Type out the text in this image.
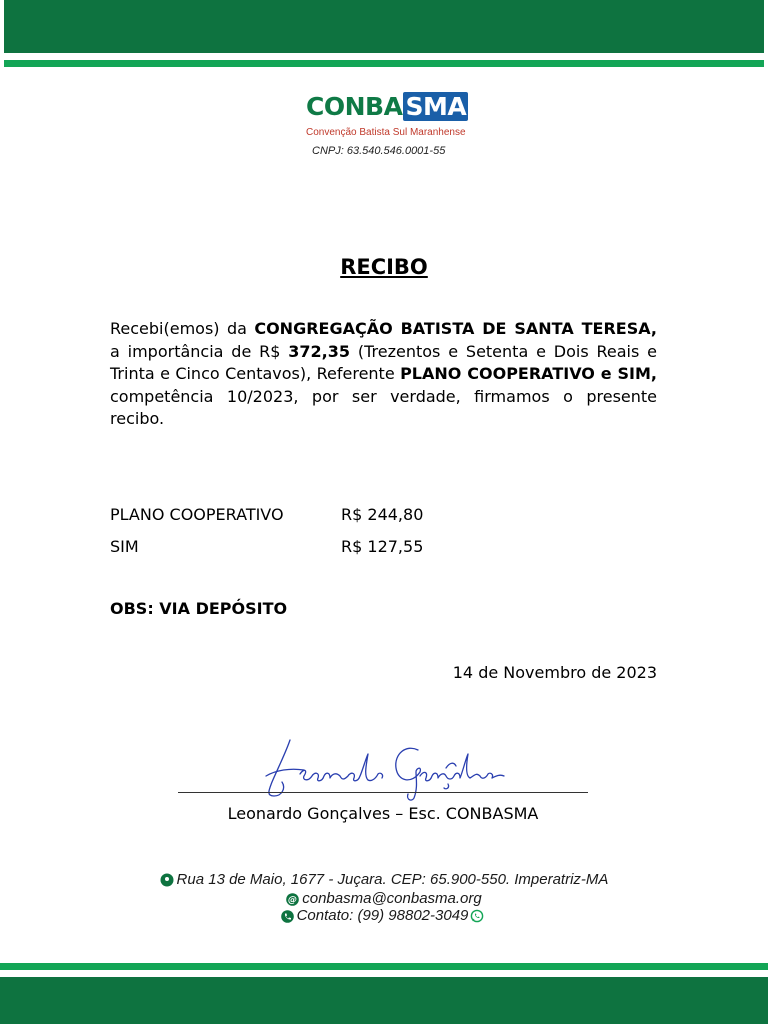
CONBA SMA
Convenção Batista Sul Maranhense
CNPJ: 63.540.546.0001-55
RECIBO
Recebi(emos) da CONGREGAÇÃO BATISTA DE SANTA TERESA, a importância de R$ 372,35 (Trezentos e Setenta e Dois Reais e Trinta e Cinco Centavos), Referente PLANO COOPERATIVO e SIM, competência 10/2023, por ser verdade, firmamos o presente recibo.
PLANO COOPERATIVO	R$ 244,80
SIM	R$ 127,55
OBS: VIA DEPÓSITO
14 de Novembro de 2023
Leonardo Gonçalves – Esc. CONBASMA
Rua 13 de Maio, 1677 - Juçara. CEP: 65.900-550. Imperatriz-MA
@ conbasma@conbasma.org
Contato: (99) 98802-3049
